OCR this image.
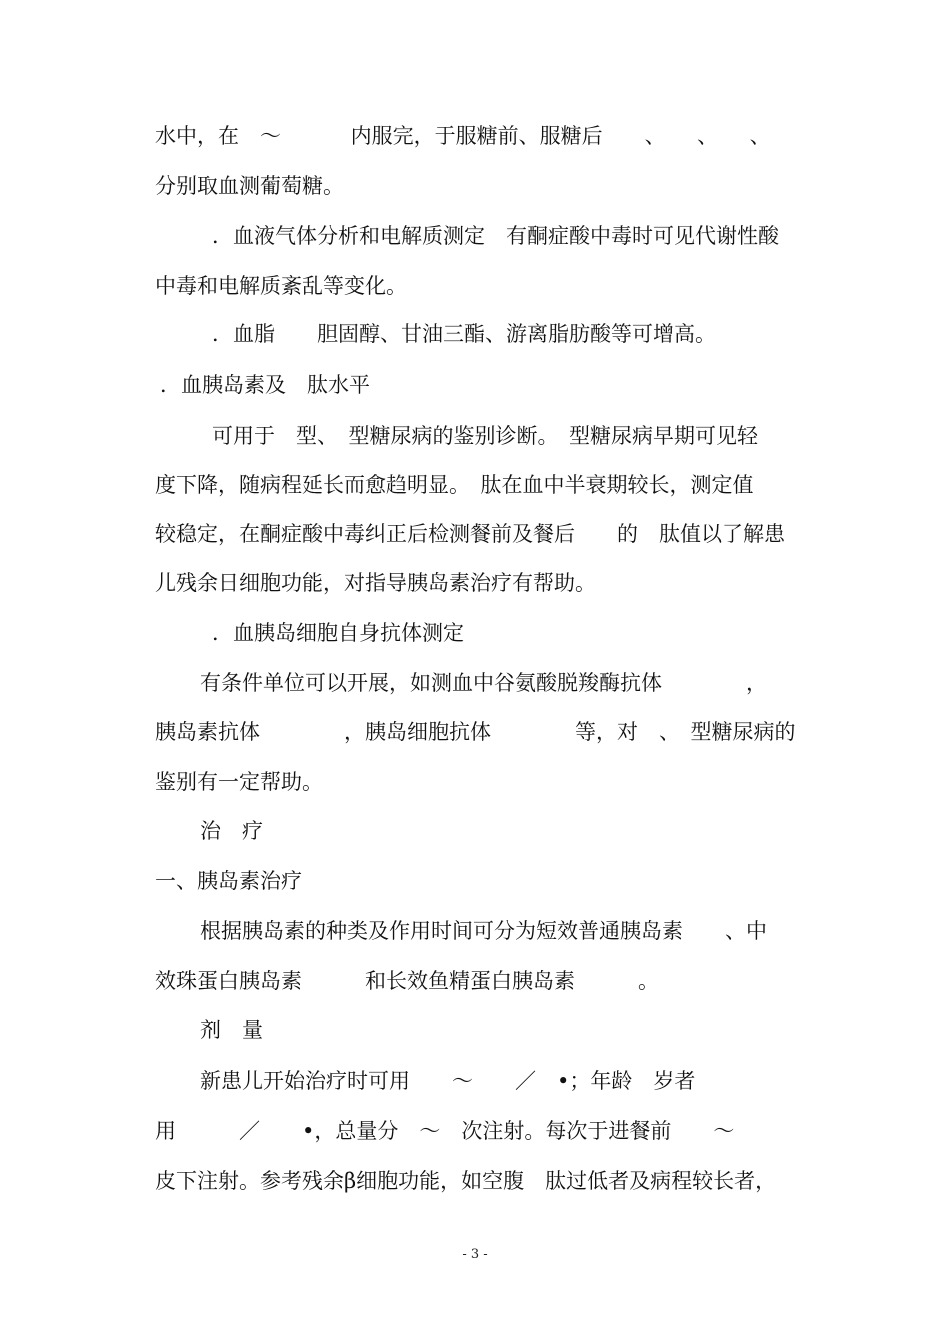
水中，在　～　　　 内服完，于服糖前、服糖后　　、　　、　　、
分别取血测葡萄糖。
．血液气体分析和电解质测定　有酮症酸中毒时可见代谢性酸
中毒和电解质紊乱等变化。
．血脂　　胆固醇、甘油三酯、游离脂肪酸等可增高。
．血胰岛素及　肽水平
可用于　型、　型糖尿病的鉴别诊断。　型糖尿病早期可见轻
度下降，随病程延长而愈趋明显。　肽在血中半衰期较长，测定值
较稳定，在酮症酸中毒纠正后检测餐前及餐后　　的　肽值以了解患
儿残余日细胞功能，对指导胰岛素治疗有帮助。
．血胰岛细胞自身抗体测定
有条件单位可以开展，如测血中谷氨酸脱羧酶抗体　　　　，
胰岛素抗体　　　　，胰岛细胞抗体　　　　等，对　、　型糖尿病的
鉴别有一定帮助。
治　疗
一、胰岛素治疗
根据胰岛素的种类及作用时间可分为短效普通胰岛素　　、中
效珠蛋白胰岛素　　　和长效鱼精蛋白胰岛素　　　。
剂　量
新患儿开始治疗时可用　　～　　／　•；年龄　岁者
用　　　／　　•，总量分　～　次注射。每次于进餐前　　～
皮下注射。参考残余β细胞功能，如空腹　肽过低者及病程较长者，
- 3 -
